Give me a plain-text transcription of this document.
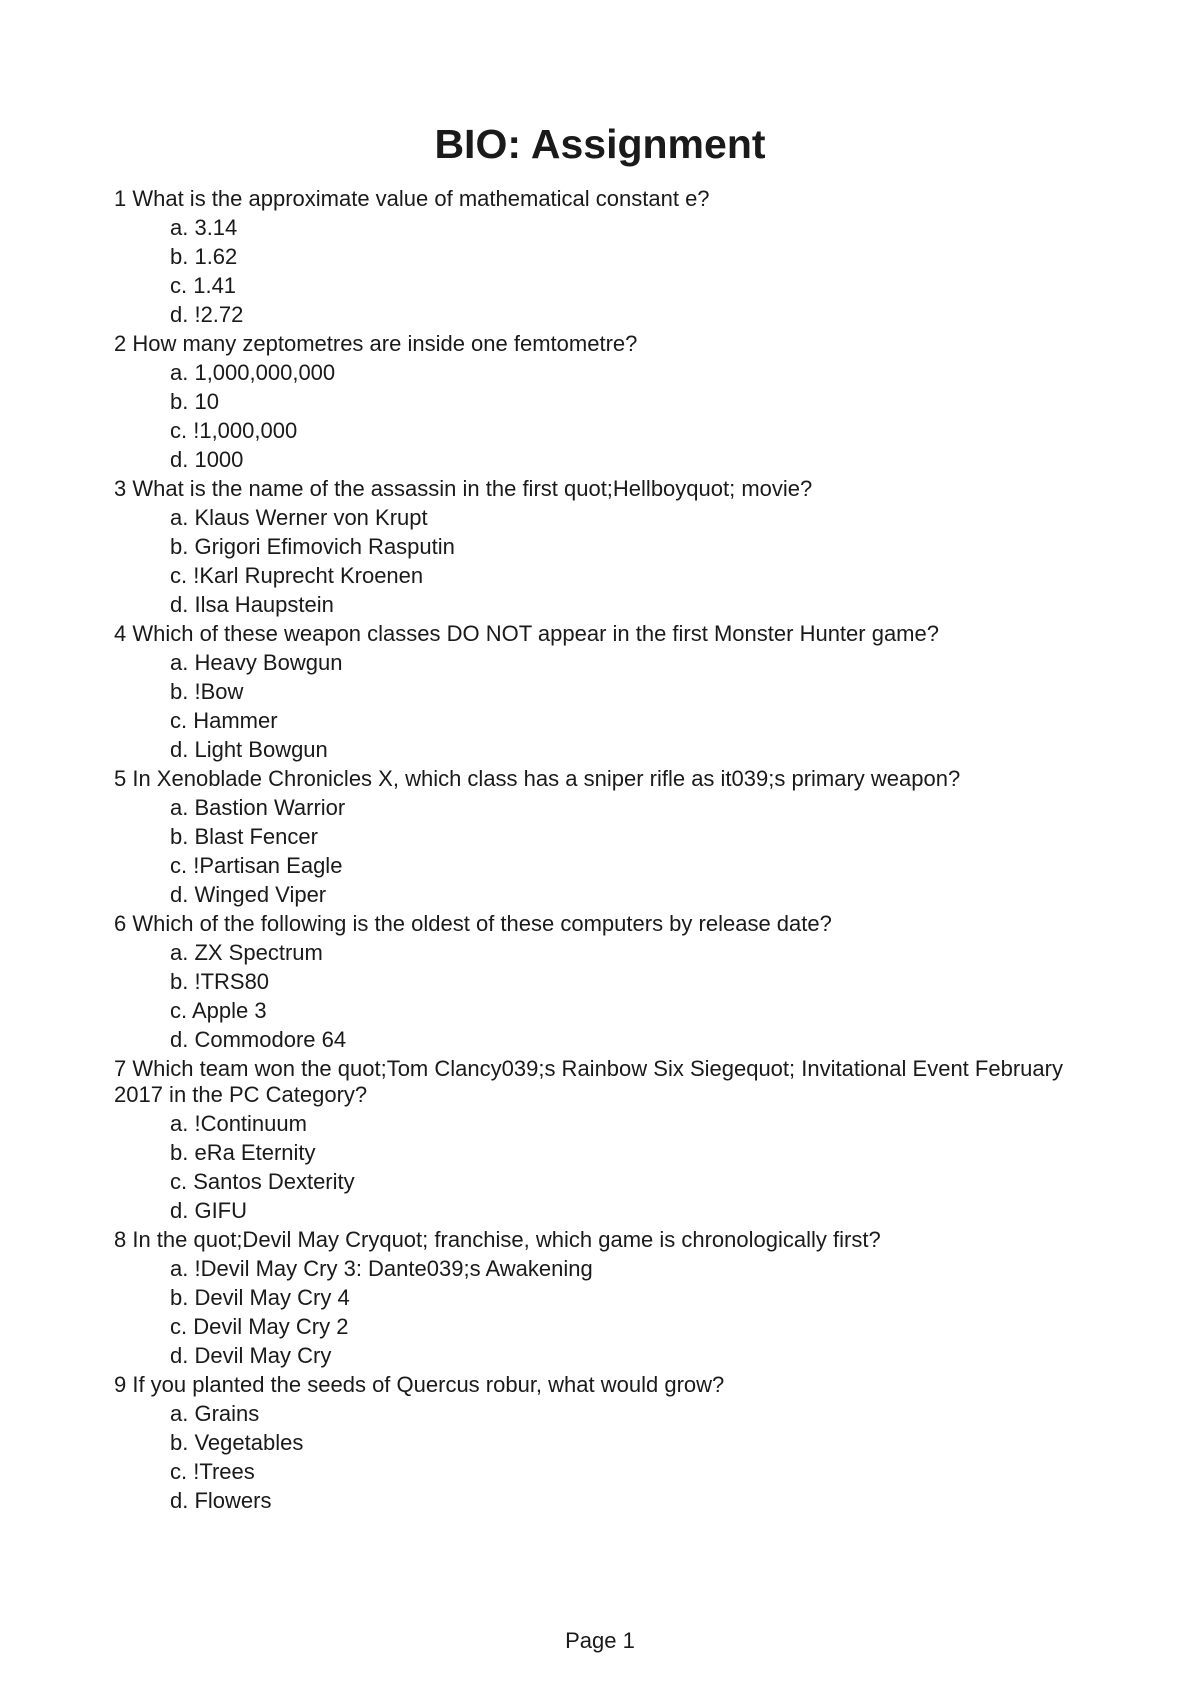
BIO: Assignment

1 What is the approximate value of mathematical constant e?

a. 3.14
b. 1.62
c. 1.41
d. !2.72

2 How many zeptometres are inside one femtometre?

a. 1,000,000,000
b. 10
c. !1,000,000
d. 1000

3 What is the name of the assassin in the first quot;Hellboyquot; movie?

a. Klaus Werner von Krupt
b. Grigori Efimovich Rasputin
c. !Karl Ruprecht Kroenen
d. Ilsa Haupstein

4 Which of these weapon classes DO NOT appear in the first Monster Hunter game?

a. Heavy Bowgun
b. !Bow
c. Hammer
d. Light Bowgun

5 In Xenoblade Chronicles X, which class has a sniper rifle as it039;s primary weapon?

a. Bastion Warrior
b. Blast Fencer
c. !Partisan Eagle
d. Winged Viper

6 Which of the following is the oldest of these computers by release date?

a. ZX Spectrum
b. !TRS80
c. Apple 3
d. Commodore 64

7 Which team won the quot;Tom Clancy039;s Rainbow Six Siegequot; Invitational Event February 2017 in the PC Category?

a. !Continuum
b. eRa Eternity
c. Santos Dexterity
d. GIFU

8 In the quot;Devil May Cryquot; franchise, which game is chronologically first?

a. !Devil May Cry 3: Dante039;s Awakening
b. Devil May Cry 4
c. Devil May Cry 2
d. Devil May Cry

9 If you planted the seeds of Quercus robur, what would grow?

a. Grains
b. Vegetables
c. !Trees
d. Flowers
Page 1
